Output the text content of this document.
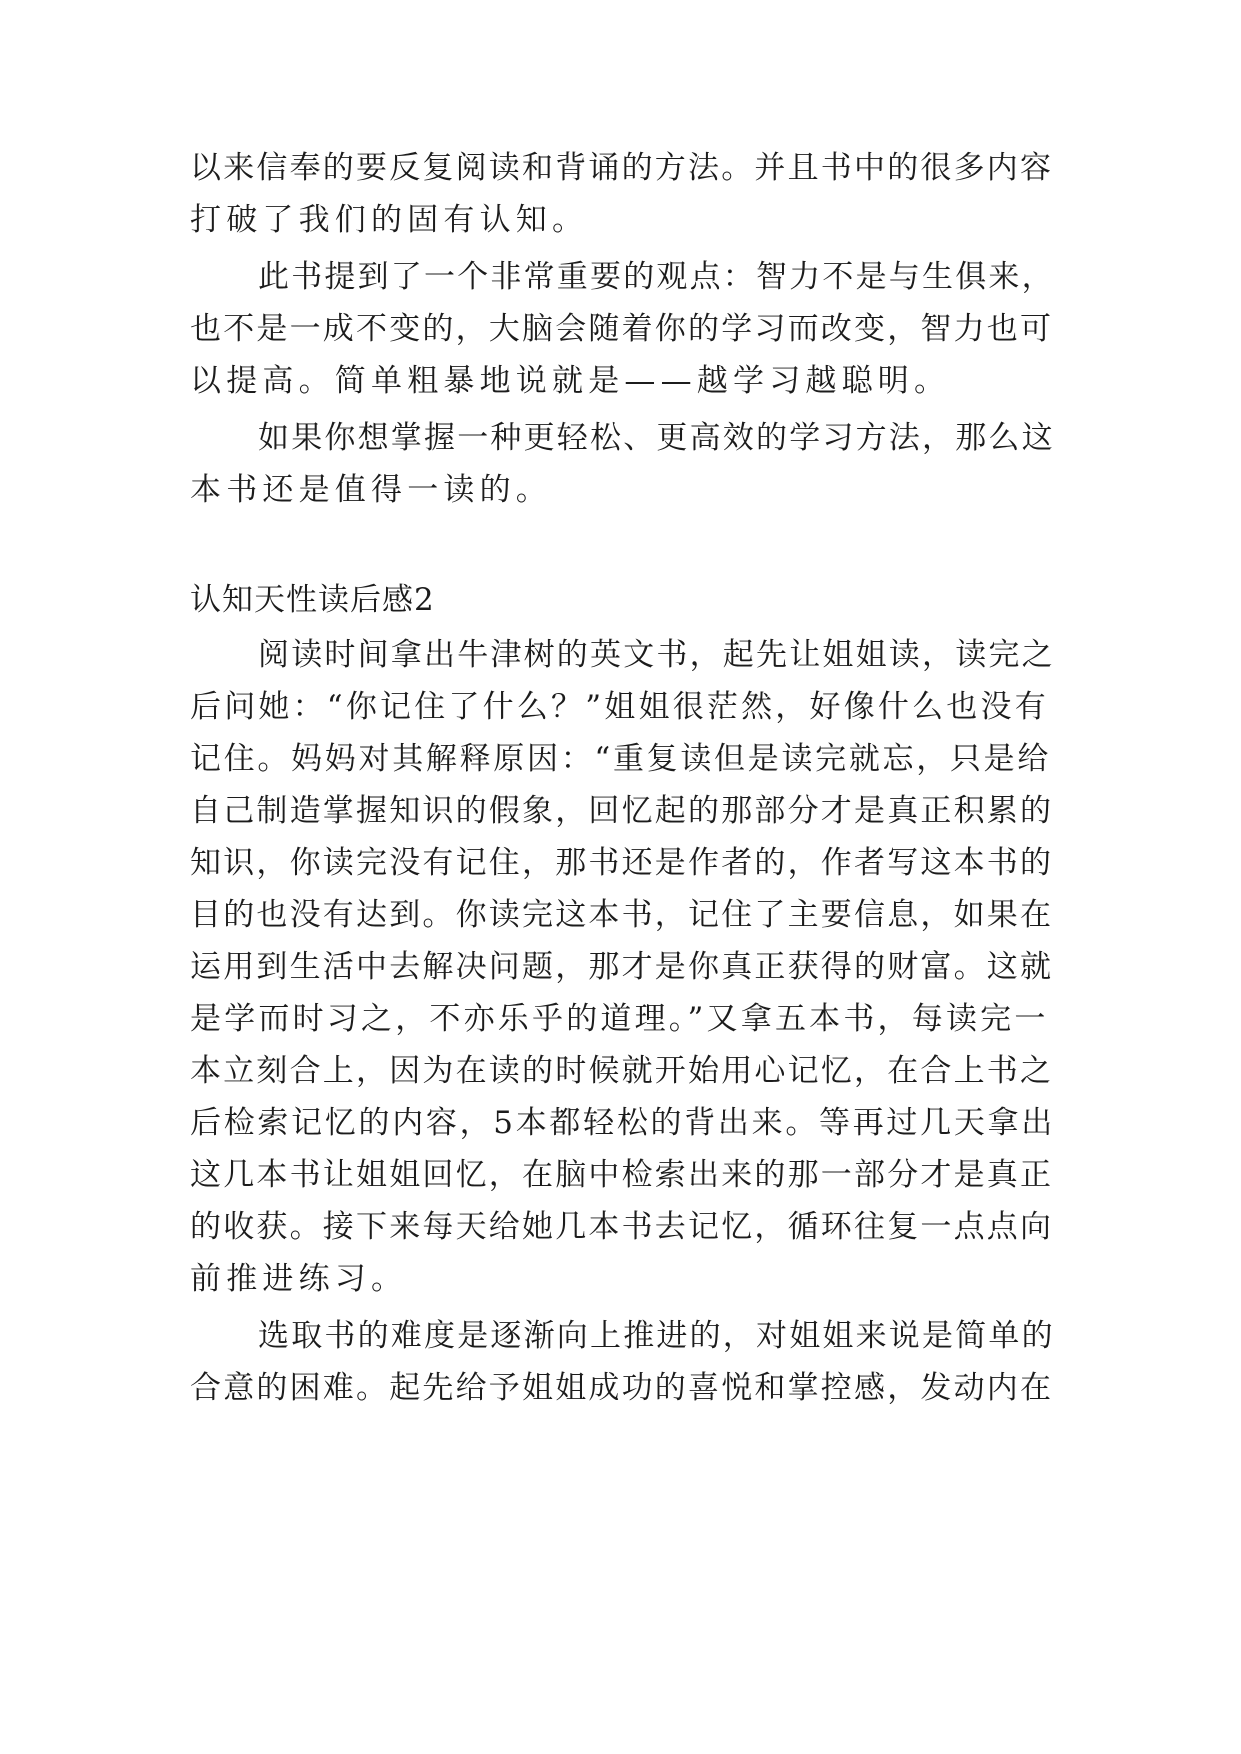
以来信奉的要反复阅读和背诵的方法。并且书中的很多内容
打破了我们的固有认知。
此书提到了一个非常重要的观点：智力不是与生俱来，
也不是一成不变的，大脑会随着你的学习而改变，智力也可
以提高。简单粗暴地说就是——越学习越聪明。
如果你想掌握一种更轻松、更高效的学习方法，那么这
本书还是值得一读的。
认知天性读后感2
阅读时间拿出牛津树的英文书，起先让姐姐读，读完之
后问她：“你记住了什么？”姐姐很茫然，好像什么也没有
记住。妈妈对其解释原因：“重复读但是读完就忘，只是给
自己制造掌握知识的假象，回忆起的那部分才是真正积累的
知识，你读完没有记住，那书还是作者的，作者写这本书的
目的也没有达到。你读完这本书，记住了主要信息，如果在
运用到生活中去解决问题，那才是你真正获得的财富。这就
是学而时习之，不亦乐乎的道理。”又拿五本书，每读完一
本立刻合上，因为在读的时候就开始用心记忆，在合上书之
后检索记忆的内容，5本都轻松的背出来。等再过几天拿出
这几本书让姐姐回忆，在脑中检索出来的那一部分才是真正
的收获。接下来每天给她几本书去记忆，循环往复一点点向
前推进练习。
选取书的难度是逐渐向上推进的，对姐姐来说是简单的
合意的困难。起先给予姐姐成功的喜悦和掌控感，发动内在
